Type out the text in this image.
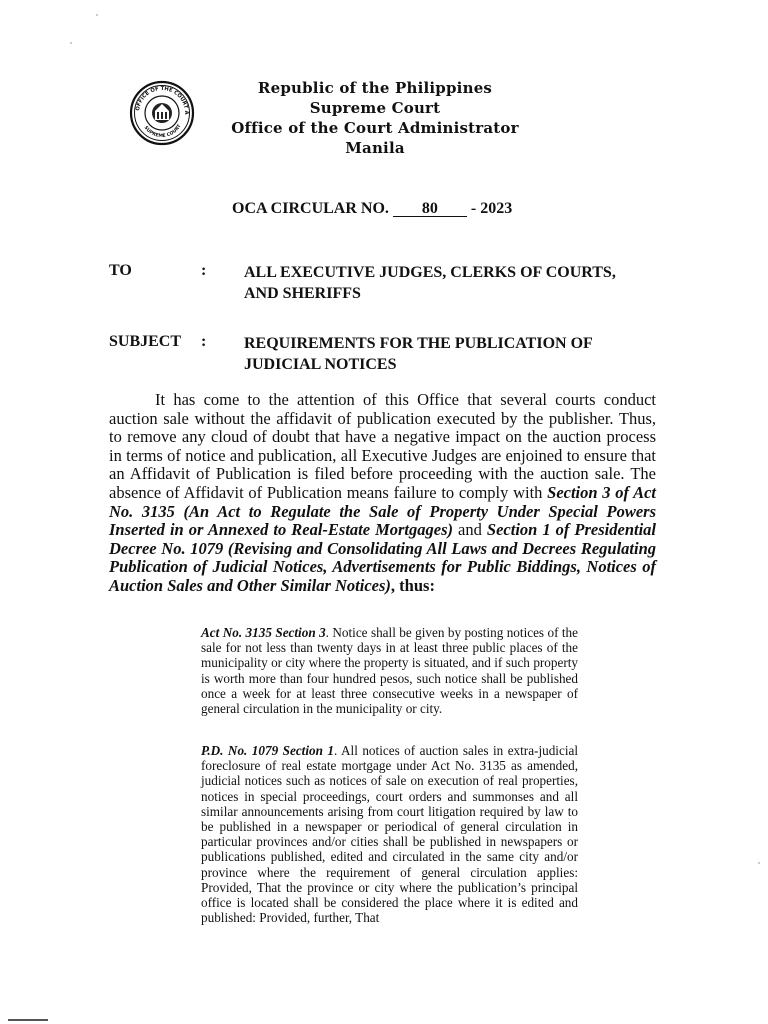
OFFICE OF THE COURT A
SUPREME COURT
Republic of the Philippines
Supreme Court
Office of the Court Administrator
Manila
OCA CIRCULAR NO. 80 - 2023
TO	: ALL EXECUTIVE JUDGES, CLERKS OF COURTS,
AND SHERIFFS
SUBJECT : REQUIREMENTS FOR THE PUBLICATION OF
JUDICIAL NOTICES
It has come to the attention of this Office that several courts conduct auction sale without the affidavit of publication executed by the publisher. Thus, to remove any cloud of doubt that have a negative impact on the auction process in terms of notice and publication, all Executive Judges are enjoined to ensure that an Affidavit of Publication is filed before proceeding with the auction sale. The absence of Affidavit of Publication means failure to comply with Section 3 of Act No. 3135 (An Act to Regulate the Sale of Property Under Special Powers Inserted in or Annexed to Real-Estate Mortgages) and Section 1 of Presidential Decree No. 1079 (Revising and Consolidating All Laws and Decrees Regulating Publication of Judicial Notices, Advertisements for Public Biddings, Notices of Auction Sales and Other Similar Notices), thus:
Act No. 3135 Section 3. Notice shall be given by posting notices of the sale for not less than twenty days in at least three public places of the municipality or city where the property is situated, and if such property is worth more than four hundred pesos, such notice shall be published once a week for at least three consecutive weeks in a newspaper of general circulation in the municipality or city.
P.D. No. 1079 Section 1. All notices of auction sales in extra-judicial foreclosure of real estate mortgage under Act No. 3135 as amended, judicial notices such as notices of sale on execution of real properties, notices in special proceedings, court orders and summonses and all similar announcements arising from court litigation required by law to be published in a newspaper or periodical of general circulation in particular provinces and/or cities shall be published in newspapers or publications published, edited and circulated in the same city and/or province where the requirement of general circulation applies: Provided, That the province or city where the publication’s principal office is located shall be considered the place where it is edited and published: Provided, further, That
